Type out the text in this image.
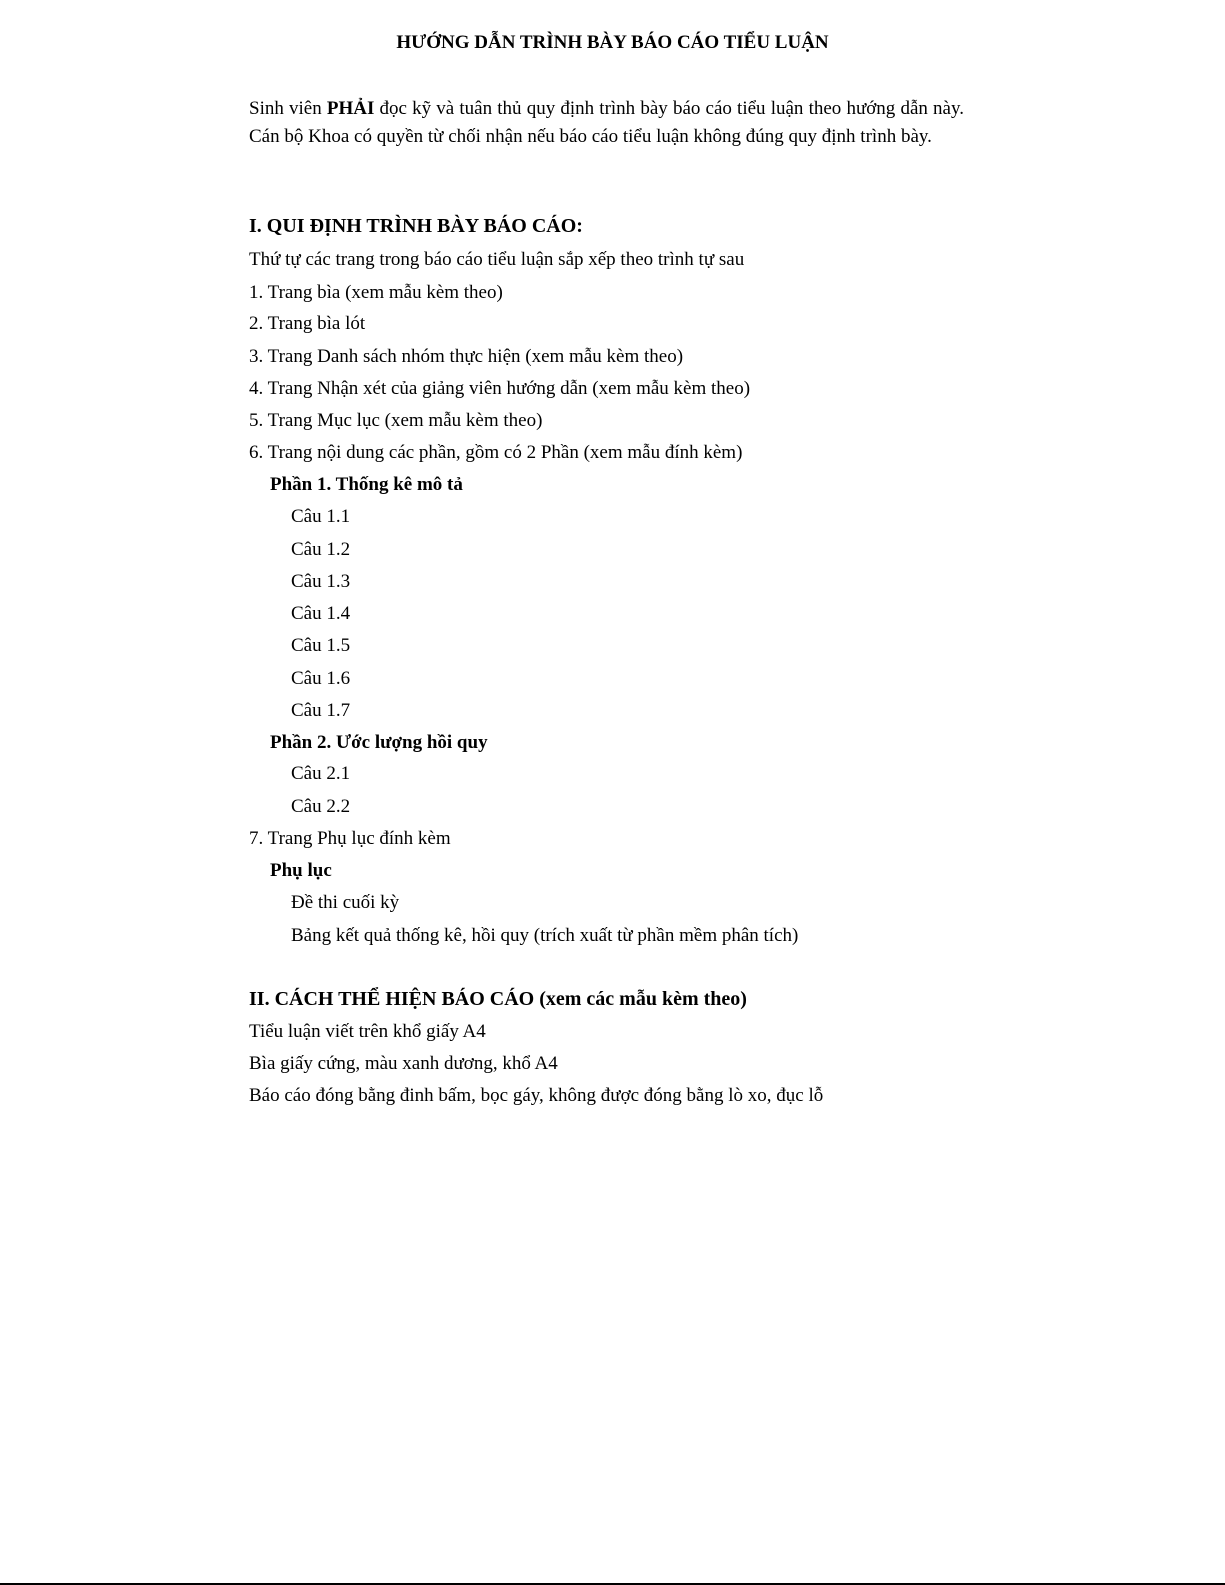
HƯỚNG DẪN TRÌNH BÀY BÁO CÁO TIỂU LUẬN

Sinh viên PHẢI đọc kỹ và tuân thủ quy định trình bày báo cáo tiểu luận theo hướng dẫn này. Cán bộ Khoa có quyền từ chối nhận nếu báo cáo tiểu luận không đúng quy định trình bày.

I. QUI ĐỊNH TRÌNH BÀY BÁO CÁO:
Thứ tự các trang trong báo cáo tiểu luận sắp xếp theo trình tự sau
1. Trang bìa (xem mẫu kèm theo)
2. Trang bìa lót
3. Trang Danh sách nhóm thực hiện (xem mẫu kèm theo)
4. Trang Nhận xét của giảng viên hướng dẫn (xem mẫu kèm theo)
5. Trang Mục lục (xem mẫu kèm theo)
6. Trang nội dung các phần, gồm có 2 Phần (xem mẫu đính kèm)
Phần 1. Thống kê mô tả
Câu 1.1
Câu 1.2
Câu 1.3
Câu 1.4
Câu 1.5
Câu 1.6
Câu 1.7
Phần 2. Ước lượng hồi quy
Câu 2.1
Câu 2.2
7. Trang Phụ lục đính kèm
Phụ lục
Đề thi cuối kỳ
Bảng kết quả thống kê, hồi quy (trích xuất từ phần mềm phân tích)
II. CÁCH THỂ HIỆN BÁO CÁO (xem các mẫu kèm theo)
Tiểu luận viết trên khổ giấy A4
Bìa giấy cứng, màu xanh dương, khổ A4
Báo cáo đóng bằng đinh bấm, bọc gáy, không được đóng bằng lò xo, đục lỗ
